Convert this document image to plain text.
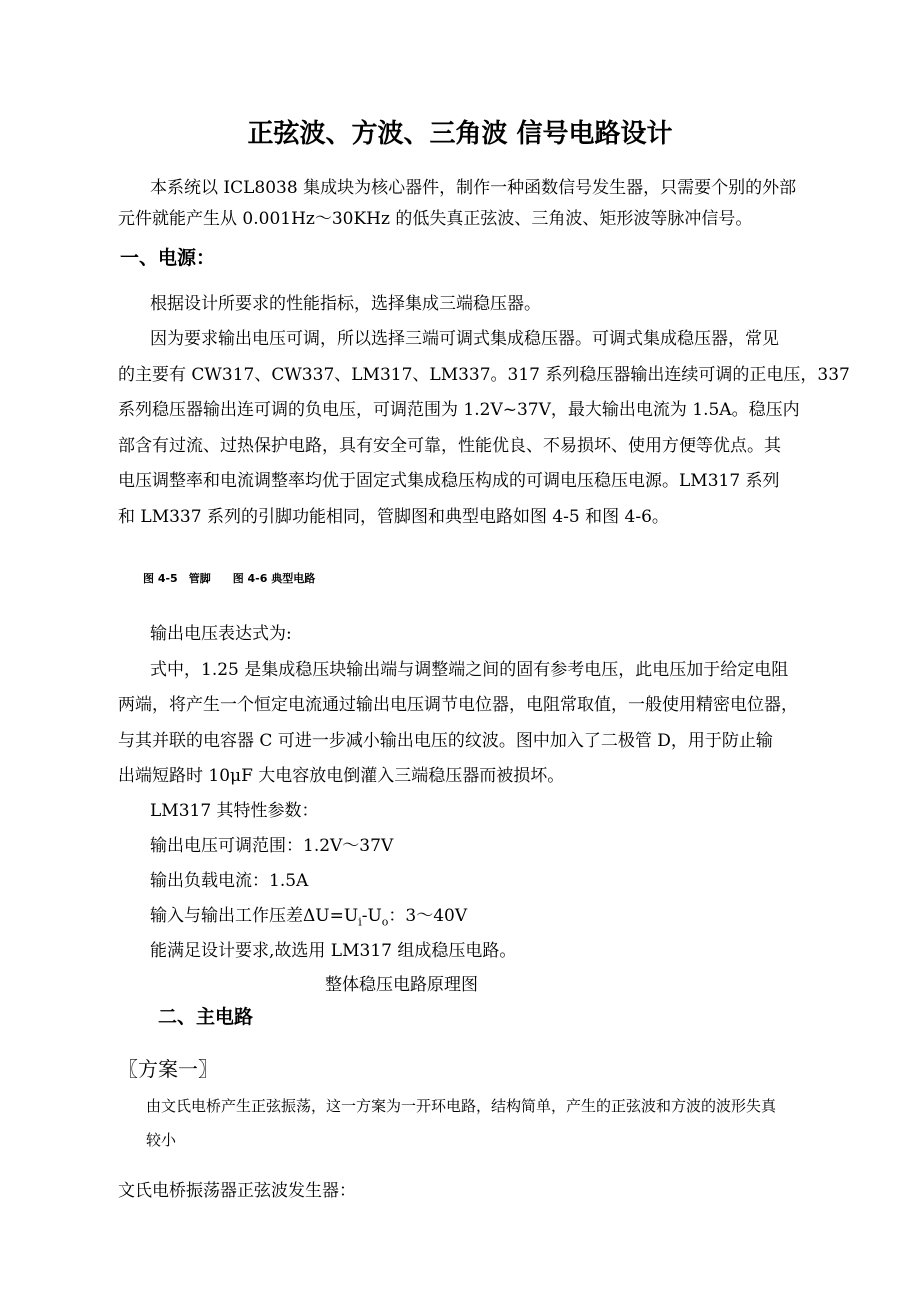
正弦波、方波、三角波 信号电路设计
本系统以 ICL8038 集成块为核心器件，制作一种函数信号发生器，只需要个别的外部
元件就能产生从 0.001Hz～30KHz 的低失真正弦波、三角波、矩形波等脉冲信号。
一、电源：
根据设计所要求的性能指标，选择集成三端稳压器。
因为要求输出电压可调，所以选择三端可调式集成稳压器。可调式集成稳压器，常见
的主要有 CW317、CW337、LM317、LM337。317 系列稳压器输出连续可调的正电压，337
系列稳压器输出连可调的负电压，可调范围为 1.2V~37V，最大输出电流为 1.5A。稳压内
部含有过流、过热保护电路，具有安全可靠，性能优良、不易损坏、使用方便等优点。其
电压调整率和电流调整率均优于固定式集成稳压构成的可调电压稳压电源。LM317 系列
和 LM337 系列的引脚功能相同，管脚图和典型电路如图 4-5 和图 4-6。
图 4-5　管脚　　图 4-6 典型电路
输出电压表达式为:
式中，1.25 是集成稳压块输出端与调整端之间的固有参考电压，此电压加于给定电阻
两端，将产生一个恒定电流通过输出电压调节电位器，电阻常取值，一般使用精密电位器，
与其并联的电容器 C 可进一步减小输出电压的纹波。图中加入了二极管 D，用于防止输
出端短路时 10μF 大电容放电倒灌入三端稳压器而被损坏。
LM317 其特性参数：
输出电压可调范围：1.2V～37V
输出负载电流：1.5A
输入与输出工作压差$\Delta U=U_i-U_o$：3～40V
能满足设计要求,故选用 LM317 组成稳压电路。
整体稳压电路原理图
二、主电路
〖方案一〗
由文氏电桥产生正弦振荡，这一方案为一开环电路，结构简单，产生的正弦波和方波的波形失真
较小
文氏电桥振荡器正弦波发生器：
